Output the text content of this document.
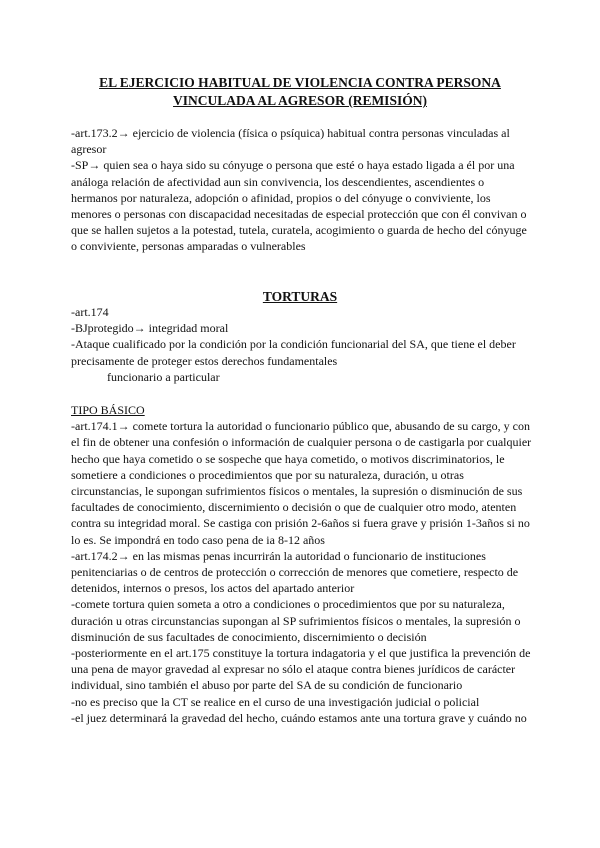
EL EJERCICIO HABITUAL DE VIOLENCIA CONTRA PERSONA
VINCULADA AL AGRESOR (REMISIÓN)

-art.173.2→ ejercicio de violencia (física o psíquica) habitual contra personas vinculadas al agresor

-SP→ quien sea o haya sido su cónyuge o persona que esté o haya estado ligada a él por una análoga relación de afectividad aun sin convivencia, los descendientes, ascendientes o hermanos por naturaleza, adopción o afinidad, propios o del cónyuge o conviviente, los menores o personas con discapacidad necesitadas de especial protección que con él convivan o que se hallen sujetos a la potestad, tutela, curatela, acogimiento o guarda de hecho del cónyuge o conviviente, personas amparadas o vulnerables

TORTURAS

-art.174

-BJprotegido→ integridad moral

-Ataque cualificado por la condición por la condición funcionarial del SA, que tiene el deber precisamente de proteger estos derechos fundamentales

funcionario a particular

TIPO BÁSICO

-art.174.1→ comete tortura la autoridad o funcionario público que, abusando de su cargo, y con el fin de obtener una confesión o información de cualquier persona o de castigarla por cualquier hecho que haya cometido o se sospeche que haya cometido, o motivos discriminatorios, le sometiere a condiciones o procedimientos que por su naturaleza, duración, u otras circunstancias, le supongan sufrimientos físicos o mentales, la supresión o disminución de sus facultades de conocimiento, discernimiento o decisión o que de cualquier otro modo, atenten contra su integridad moral. Se castiga con prisión 2-6años si fuera grave y prisión 1-3años si no lo es. Se impondrá en todo caso pena de ia 8-12 años

-art.174.2→ en las mismas penas incurrirán la autoridad o funcionario de instituciones penitenciarias o de centros de protección o corrección de menores que cometiere, respecto de detenidos, internos o presos, los actos del apartado anterior

-comete tortura quien someta a otro a condiciones o procedimientos que por su naturaleza, duración u otras circunstancias supongan al SP sufrimientos físicos o mentales, la supresión o disminución de sus facultades de conocimiento, discernimiento o decisión

-posteriormente en el art.175 constituye la tortura indagatoria y el que justifica la prevención de una pena de mayor gravedad al expresar no sólo el ataque contra bienes jurídicos de carácter individual, sino también el abuso por parte del SA de su condición de funcionario

-no es preciso que la CT se realice en el curso de una investigación judicial o policial

-el juez determinará la gravedad del hecho, cuándo estamos ante una tortura grave y cuándo no
